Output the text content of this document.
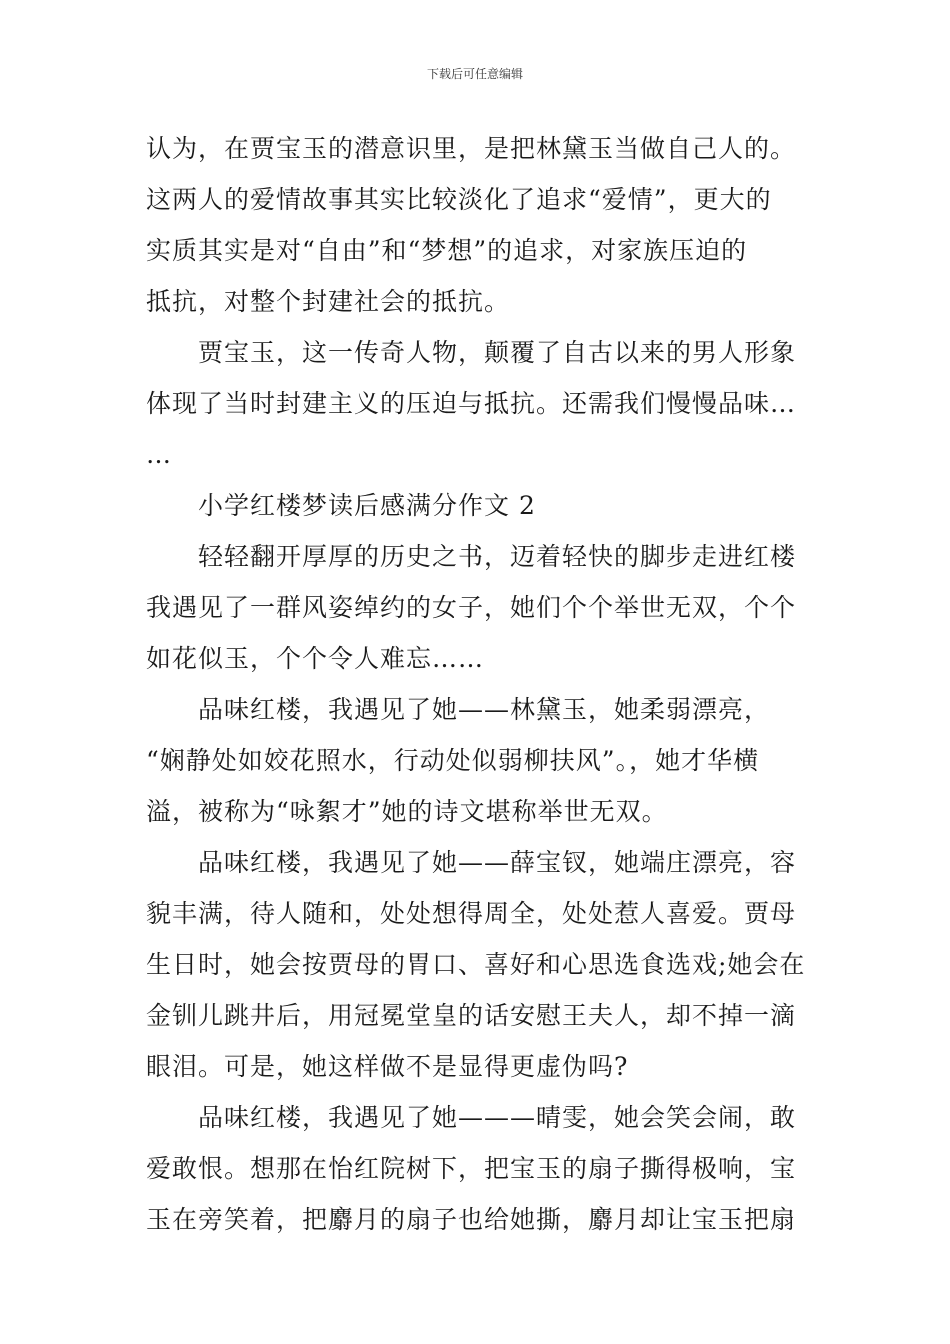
下载后可任意编辑
认为，在贾宝玉的潜意识里，是把林黛玉当做自己人的。
这两人的爱情故事其实比较淡化了追求“爱情”，更大的
实质其实是对“自由”和“梦想”的追求，对家族压迫的
抵抗，对整个封建社会的抵抗。
贾宝玉，这一传奇人物，颠覆了自古以来的男人形象
体现了当时封建主义的压迫与抵抗。还需我们慢慢品味…
…
小学红楼梦读后感满分作文 2
轻轻翻开厚厚的历史之书，迈着轻快的脚步走进红楼
我遇见了一群风姿绰约的女子，她们个个举世无双，个个
如花似玉，个个令人难忘……
品味红楼，我遇见了她——林黛玉，她柔弱漂亮，
“娴静处如姣花照水，行动处似弱柳扶风”。，她才华横
溢，被称为“咏絮才”她的诗文堪称举世无双。
品味红楼，我遇见了她——薛宝钗，她端庄漂亮，容
貌丰满，待人随和，处处想得周全，处处惹人喜爱。贾母
生日时，她会按贾母的胃口、喜好和心思选食选戏;她会在
金钏儿跳井后，用冠冕堂皇的话安慰王夫人，却不掉一滴
眼泪。可是，她这样做不是显得更虚伪吗?
品味红楼，我遇见了她———晴雯，她会笑会闹，敢
爱敢恨。想那在怡红院树下，把宝玉的扇子撕得极响，宝
玉在旁笑着，把麝月的扇子也给她撕，麝月却让宝玉把扇
